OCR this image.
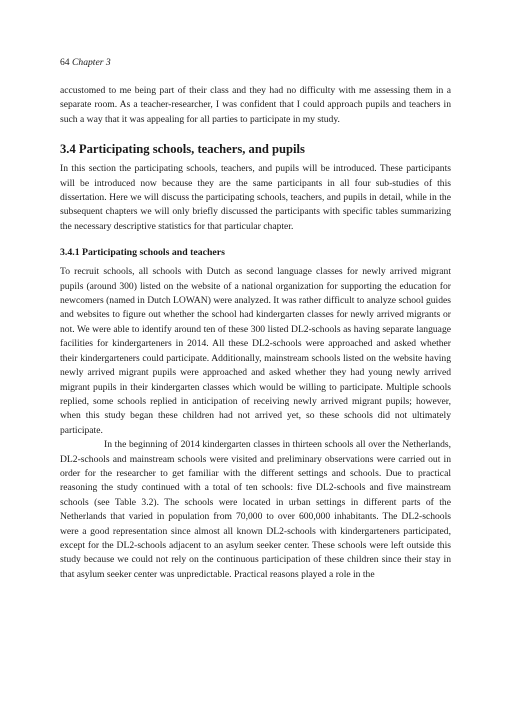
64 Chapter 3

accustomed to me being part of their class and they had no difficulty with me assessing them in a separate room. As a teacher-researcher, I was confident that I could approach pupils and teachers in such a way that it was appealing for all parties to participate in my study.

3.4 Participating schools, teachers, and pupils

In this section the participating schools, teachers, and pupils will be introduced. These participants will be introduced now because they are the same participants in all four sub-studies of this dissertation. Here we will discuss the participating schools, teachers, and pupils in detail, while in the subsequent chapters we will only briefly discussed the participants with specific tables summarizing the necessary descriptive statistics for that particular chapter.

3.4.1 Participating schools and teachers

To recruit schools, all schools with Dutch as second language classes for newly arrived migrant pupils (around 300) listed on the website of a national organization for supporting the education for newcomers (named in Dutch LOWAN) were analyzed. It was rather difficult to analyze school guides and websites to figure out whether the school had kindergarten classes for newly arrived migrants or not. We were able to identify around ten of these 300 listed DL2-schools as having separate language facilities for kindergarteners in 2014. All these DL2-schools were approached and asked whether their kindergarteners could participate. Additionally, mainstream schools listed on the website having newly arrived migrant pupils were approached and asked whether they had young newly arrived migrant pupils in their kindergarten classes which would be willing to participate. Multiple schools replied, some schools replied in anticipation of receiving newly arrived migrant pupils; however, when this study began these children had not arrived yet, so these schools did not ultimately participate.

In the beginning of 2014 kindergarten classes in thirteen schools all over the Netherlands, DL2-schools and mainstream schools were visited and preliminary observations were carried out in order for the researcher to get familiar with the different settings and schools. Due to practical reasoning the study continued with a total of ten schools: five DL2-schools and five mainstream schools (see Table 3.2). The schools were located in urban settings in different parts of the Netherlands that varied in population from 70,000 to over 600,000 inhabitants. The DL2-schools were a good representation since almost all known DL2-schools with kindergarteners participated, except for the DL2-schools adjacent to an asylum seeker center. These schools were left outside this study because we could not rely on the continuous participation of these children since their stay in that asylum seeker center was unpredictable. Practical reasons played a role in the
